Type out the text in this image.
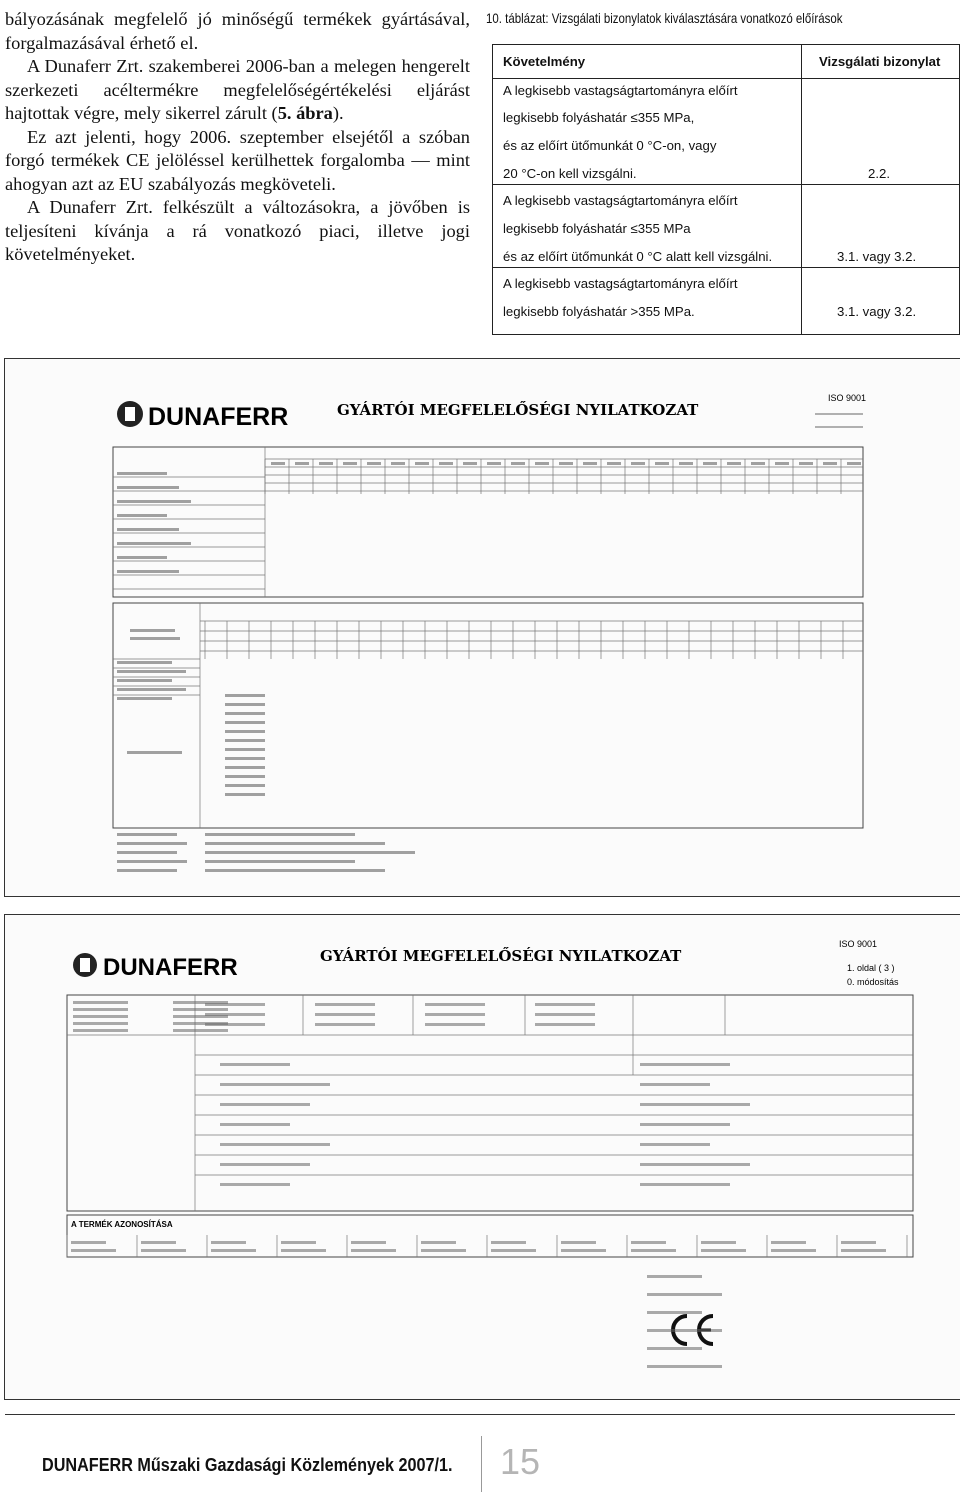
bályozásának megfelelő jó minőségű termékek gyártásával, forgalmazásával érhető el.

A Dunaferr Zrt. szakemberei 2006-ban a melegen hengerelt szerkezeti acéltermékre megfelelőségértékelési eljárást hajtottak végre, mely sikerrel zárult (5. ábra).

Ez azt jelenti, hogy 2006. szeptember elsejétől a szóban forgó termékek CE jelöléssel kerülhettek forgalomba — mint ahogyan azt az EU szabályozás megköveteli.

A Dunaferr Zrt. felkészült a változásokra, a jövőben is teljesíteni kívánja a rá vonatkozó piaci, illetve jogi követelményeket.

10. táblázat: Vizsgálati bizonylatok kiválasztására vonatkozó előírások
Követelmény	Vizsgálati bizonylat
A legkisebb vastagságtartományra előírt
legkisebb folyáshatár ≤355 MPa,
és az előírt ütőmunkát 0 °C-on, vagy
20 °C-on kell vizsgálni.	2.2.
A legkisebb vastagságtartományra előírt
legkisebb folyáshatár ≤355 MPa
és az előírt ütőmunkát 0 °C alatt kell vizsgálni.	3.1. vagy 3.2.
A legkisebb vastagságtartományra előírt
legkisebb folyáshatár >355 MPa.	3.1. vagy 3.2.
DUNAFERR	GYÁRTÓI MEGFELELŐSÉGI NYILATKOZAT
ISO 9001
DUNAFERR	GYÁRTÓI MEGFELELŐSÉGI NYILATKOZAT
ISO 9001
1. oldal ( 3 )
0. módosítás
A TERMÉK AZONOSÍTÁSA
DUNAFERR Műszaki Gazdasági Közlemények 2007/1. 15
